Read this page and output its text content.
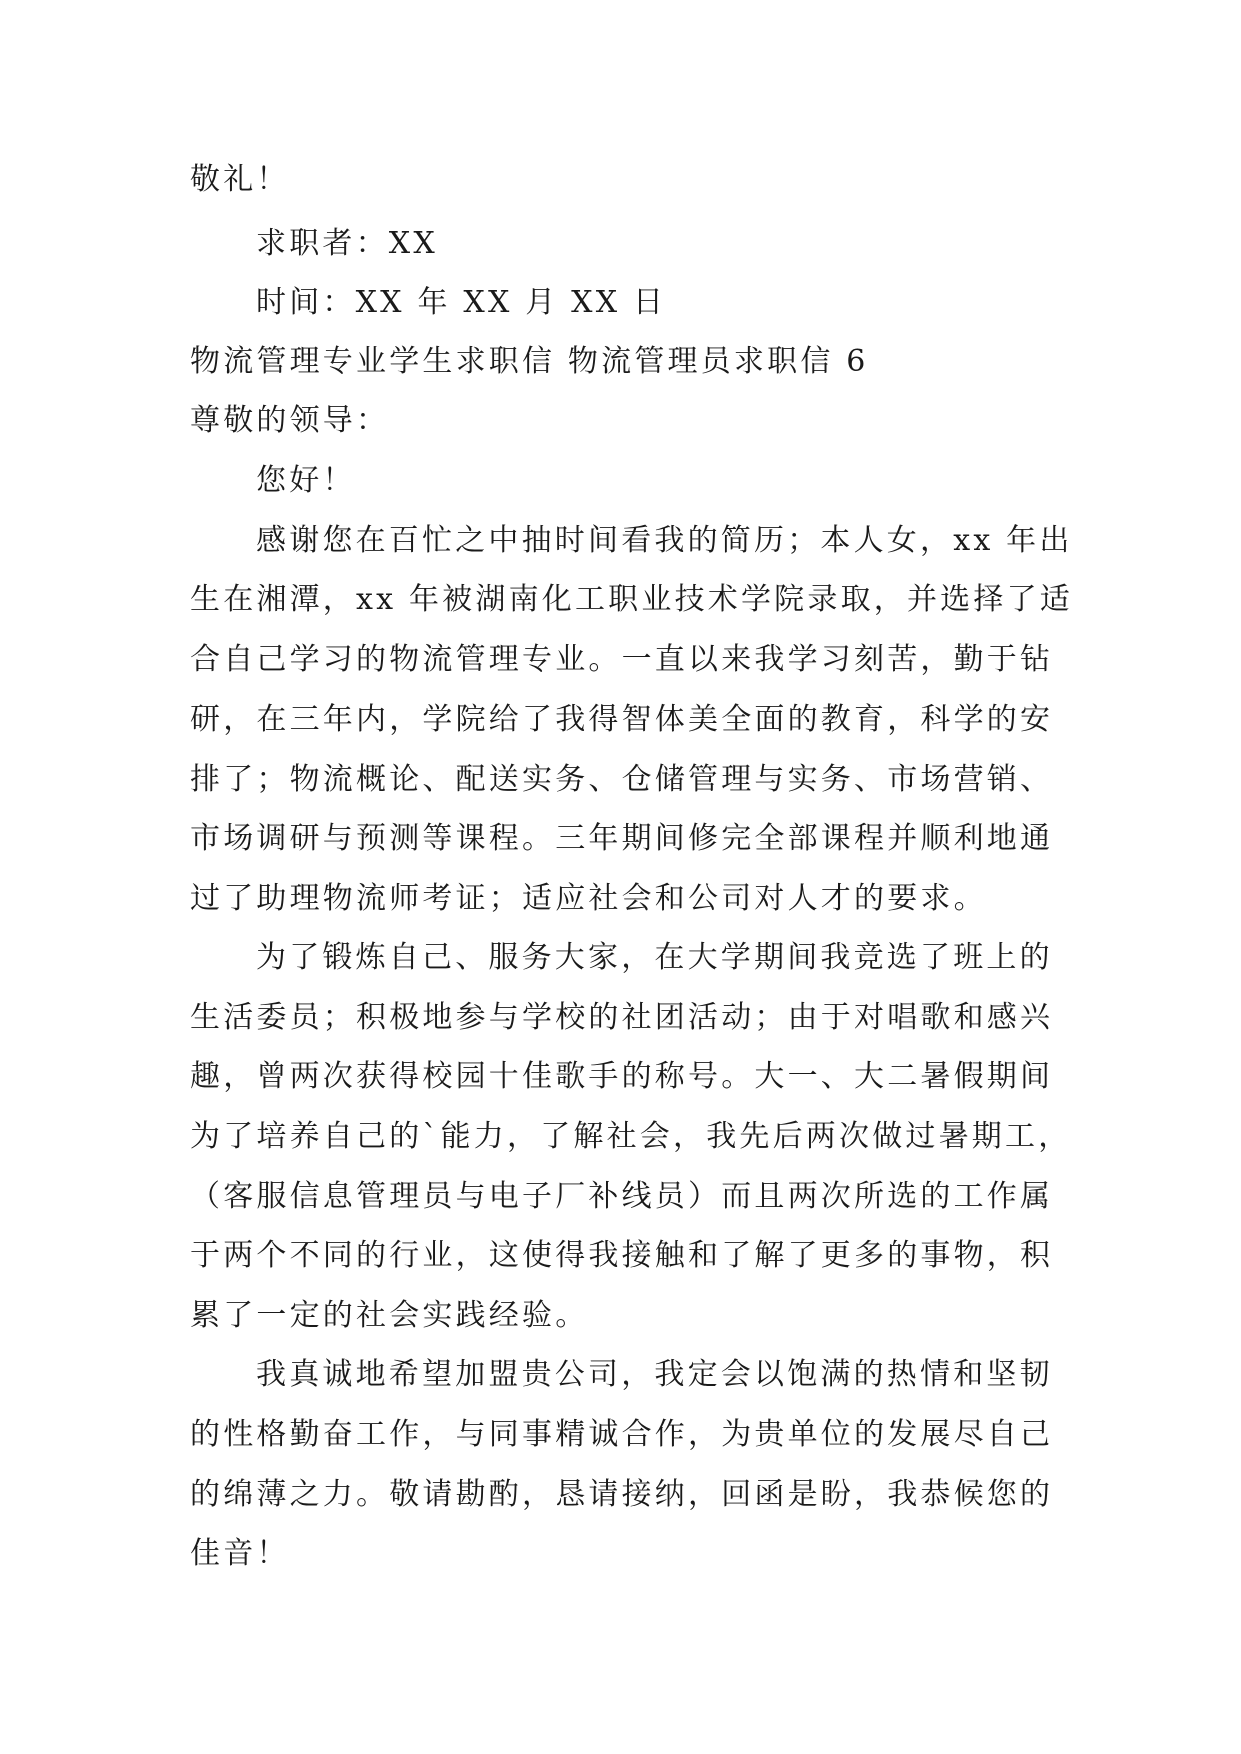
敬礼！
求职者：XX
时间：XX 年 XX 月 XX 日
物流管理专业学生求职信 物流管理员求职信 6
尊敬的领导：
您好！
感谢您在百忙之中抽时间看我的简历；本人女，xx 年出
生在湘潭，xx 年被湖南化工职业技术学院录取，并选择了适
合自己学习的物流管理专业。一直以来我学习刻苦，勤于钻
研，在三年内，学院给了我得智体美全面的教育，科学的安
排了；物流概论、配送实务、仓储管理与实务、市场营销、
市场调研与预测等课程。三年期间修完全部课程并顺利地通
过了助理物流师考证；适应社会和公司对人才的要求。
为了锻炼自己、服务大家，在大学期间我竞选了班上的
生活委员；积极地参与学校的社团活动；由于对唱歌和感兴
趣，曾两次获得校园十佳歌手的称号。大一、大二暑假期间
为了培养自己的`能力，了解社会，我先后两次做过暑期工，
（客服信息管理员与电子厂补线员）而且两次所选的工作属
于两个不同的行业，这使得我接触和了解了更多的事物，积
累了一定的社会实践经验。
我真诚地希望加盟贵公司，我定会以饱满的热情和坚韧
的性格勤奋工作，与同事精诚合作，为贵单位的发展尽自己
的绵薄之力。敬请勘酌，恳请接纳，回函是盼，我恭候您的
佳音！
